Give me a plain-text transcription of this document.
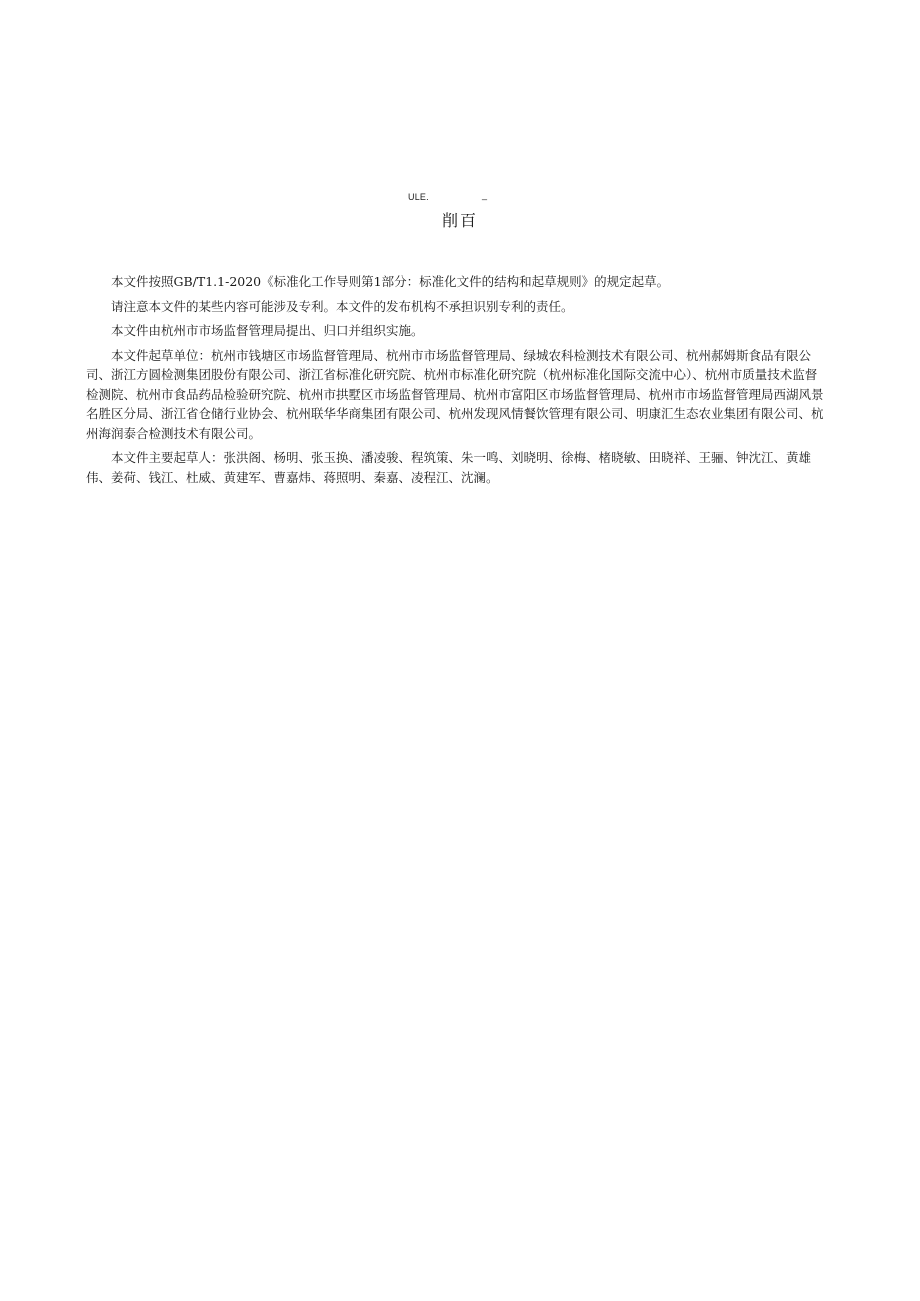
ULE.	_
削百

本文件按照GB/T1.1-2020《标准化工作导则第1部分：标准化文件的结构和起草规则》的规定起草。

请注意本文件的某些内容可能涉及专利。本文件的发布机构不承担识别专利的责任。

本文件由杭州市市场监督管理局提出、归口并组织实施。

本文件起草单位：杭州市钱塘区市场监督管理局、杭州市市场监督管理局、绿城农科检测技术有限公司、杭州郝姆斯食品有限公司、浙江方圆检测集团股份有限公司、浙江省标准化研究院、杭州市标准化研究院（杭州标准化国际交流中心）、杭州市质量技术监督检测院、杭州市食品药品检验研究院、杭州市拱墅区市场监督管理局、杭州市富阳区市场监督管理局、杭州市市场监督管理局西湖风景名胜区分局、浙江省仓储行业协会、杭州联华华商集团有限公司、杭州发现风情餐饮管理有限公司、明康汇生态农业集团有限公司、杭州海润泰合检测技术有限公司。

本文件主要起草人：张洪阁、杨明、张玉换、潘凌骏、程筑策、朱一鸣、刘晓明、徐梅、楮晓敏、田晓祥、王骊、钟沈江、黄雄伟、姜荷、钱江、杜威、黄建军、曹嘉炜、蒋照明、秦嘉、凌程江、沈澜。
